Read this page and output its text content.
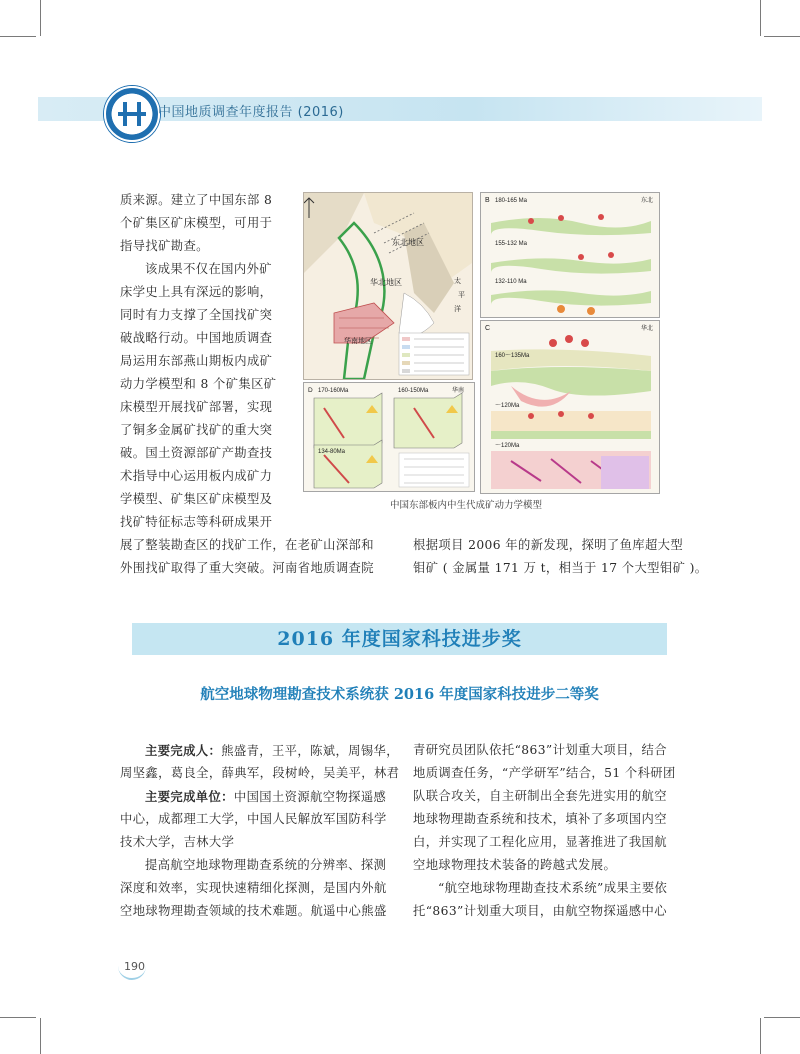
中国地质调查年度报告 (2016)
质来源。建立了中国东部 8
个矿集区矿床模型，可用于
指导找矿勘查。
该成果不仅在国内外矿
床学史上具有深远的影响，
同时有力支撑了全国找矿突
破战略行动。中国地质调查
局运用东部燕山期板内成矿
动力学模型和 8 个矿集区矿
床模型开展找矿部署，实现
了铜多金属矿找矿的重大突
破。国土资源部矿产勘查技
术指导中心运用板内成矿力
学模型、矿集区矿床模型及
找矿特征标志等科研成果开
展了整装勘查区的找矿工作，在老矿山深部和
外围找矿取得了重大突破。河南省地质调查院
根据项目 2006 年的新发现，探明了鱼库超大型
钼矿 ( 金属量 171 万 t，相当于 17 个大型钼矿 )。
东北地区
华北地区
华南地区
太
平
洋
D 170-160Ma	160-150Ma	华南
134-80Ma
B	东北
180-165 Ma
155-132 Ma
132-110 Ma
C	华北
160～135Ma
～120Ma
～120Ma
中国东部板内中生代成矿动力学模型
2016 年度国家科技进步奖
航空地球物理勘查技术系统获 2016 年度国家科技进步二等奖
主要完成人：熊盛青，王平，陈斌，周锡华，
周坚鑫，葛良全，薛典军，段树岭，吴美平，林君
主要完成单位：中国国土资源航空物探遥感
中心，成都理工大学，中国人民解放军国防科学
技术大学，吉林大学
提高航空地球物理勘查系统的分辨率、探测
深度和效率，实现快速精细化探测，是国内外航
空地球物理勘查领域的技术难题。航遥中心熊盛
青研究员团队依托“863”计划重大项目，结合
地质调查任务，“产学研军”结合，51 个科研团
队联合攻关，自主研制出全套先进实用的航空
地球物理勘查系统和技术，填补了多项国内空
白，并实现了工程化应用，显著推进了我国航
空地球物理技术装备的跨越式发展。
“航空地球物理勘查技术系统”成果主要依
托“863”计划重大项目，由航空物探遥感中心
190
